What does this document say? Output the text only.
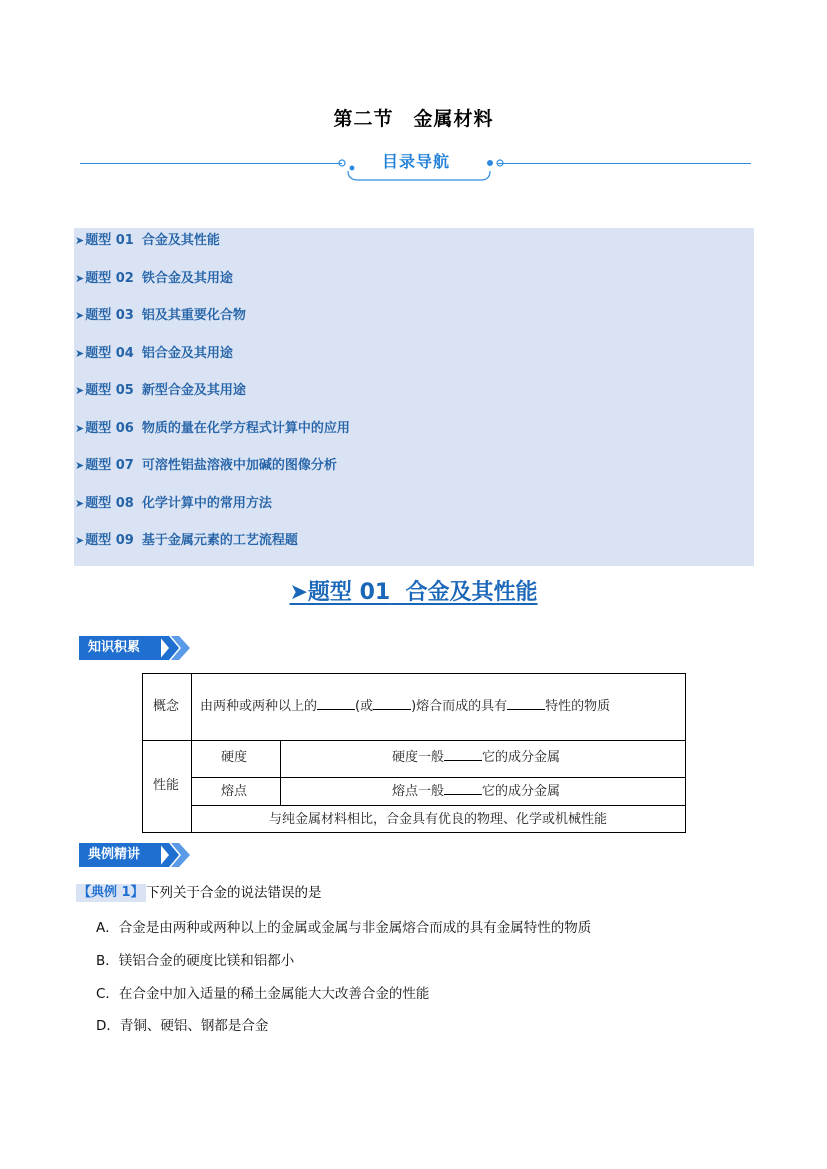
第二节　金属材料
目录导航
➤题型 01 合金及其性能
➤题型 02 铁合金及其用途
➤题型 03 铝及其重要化合物
➤题型 04 铝合金及其用途
➤题型 05 新型合金及其用途
➤题型 06 物质的量在化学方程式计算中的应用
➤题型 07 可溶性铝盐溶液中加碱的图像分析
➤题型 08 化学计算中的常用方法
➤题型 09 基于金属元素的工艺流程题
➤题型 01 合金及其性能
知识积累
概念 由两种或两种以上的	(或	)熔合而成的具有	特性的物质
性能
硬度	硬度一般	它的成分金属
熔点	熔点一般	它的成分金属
与纯金属材料相比，合金具有优良的物理、化学或机械性能
典例精讲
【典例 1】 下列关于合金的说法错误的是
A．合金是由两种或两种以上的金属或金属与非金属熔合而成的具有金属特性的物质
B．镁铝合金的硬度比镁和铝都小
C．在合金中加入适量的稀土金属能大大改善合金的性能
D．青铜、硬铝、钢都是合金
